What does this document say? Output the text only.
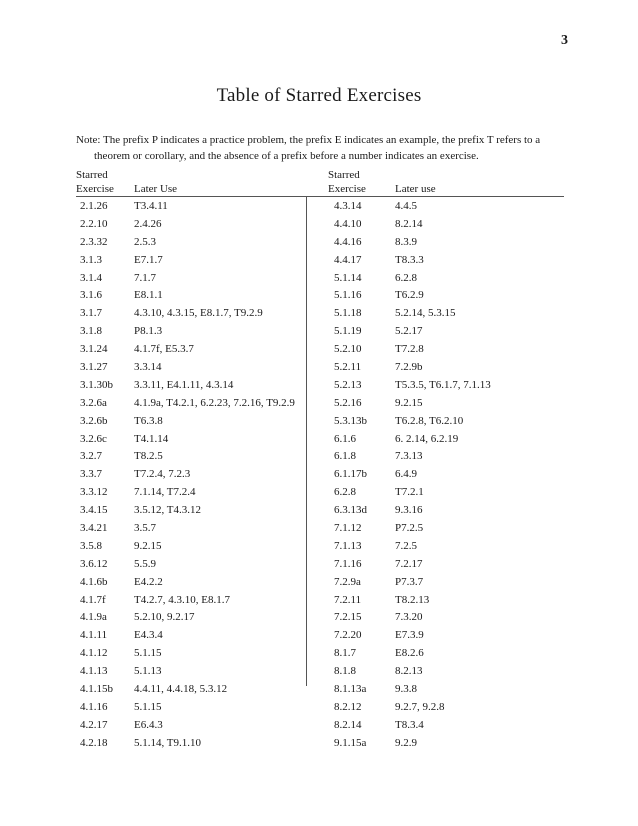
3
Table of Starred Exercises
Note: The prefix P indicates a practice problem, the prefix E indicates an example, the prefix T refers to a
theorem or corollary, and the absence of a prefix before a number indicates an exercise.
Starred
Exercise Later Use
Starred
Exercise	Later use
2.1.26
2.2.10
2.3.32
3.1.3
3.1.4
3.1.6
3.1.7
3.1.8
3.1.24
3.1.27
3.1.30b
3.2.6a
3.2.6b
3.2.6c
3.2.7
3.3.7
3.3.12
3.4.15
3.4.21
3.5.8
3.6.12
4.1.6b
4.1.7f
4.1.9a
4.1.11
4.1.12
4.1.13
4.1.15b
4.1.16
4.2.17
4.2.18
T3.4.11
2.4.26
2.5.3
E7.1.7
7.1.7
E8.1.1
4.3.10, 4.3.15, E8.1.7, T9.2.9
P8.1.3
4.1.7f, E5.3.7
3.3.14
3.3.11, E4.1.11, 4.3.14
4.1.9a, T4.2.1, 6.2.23, 7.2.16, T9.2.9
T6.3.8
T4.1.14
T8.2.5
T7.2.4, 7.2.3
7.1.14, T7.2.4
3.5.12, T4.3.12
3.5.7
9.2.15
5.5.9
E4.2.2
T4.2.7, 4.3.10, E8.1.7
5.2.10, 9.2.17
E4.3.4
5.1.15
5.1.13
4.4.11, 4.4.18, 5.3.12
5.1.15
E6.4.3
5.1.14, T9.1.10
4.3.14
4.4.10
4.4.16
4.4.17
5.1.14
5.1.16
5.1.18
5.1.19
5.2.10
5.2.11
5.2.13
5.2.16
5.3.13b
6.1.6
6.1.8
6.1.17b
6.2.8
6.3.13d
7.1.12
7.1.13
7.1.16
7.2.9a
7.2.11
7.2.15
7.2.20
8.1.7
8.1.8
8.1.13a
8.2.12
8.2.14
9.1.15a
4.4.5
8.2.14
8.3.9
T8.3.3
6.2.8
T6.2.9
5.2.14, 5.3.15
5.2.17
T7.2.8
7.2.9b
T5.3.5, T6.1.7, 7.1.13
9.2.15
T6.2.8, T6.2.10
6. 2.14, 6.2.19
7.3.13
6.4.9
T7.2.1
9.3.16
P7.2.5
7.2.5
7.2.17
P7.3.7
T8.2.13
7.3.20
E7.3.9
E8.2.6
8.2.13
9.3.8
9.2.7, 9.2.8
T8.3.4
9.2.9
